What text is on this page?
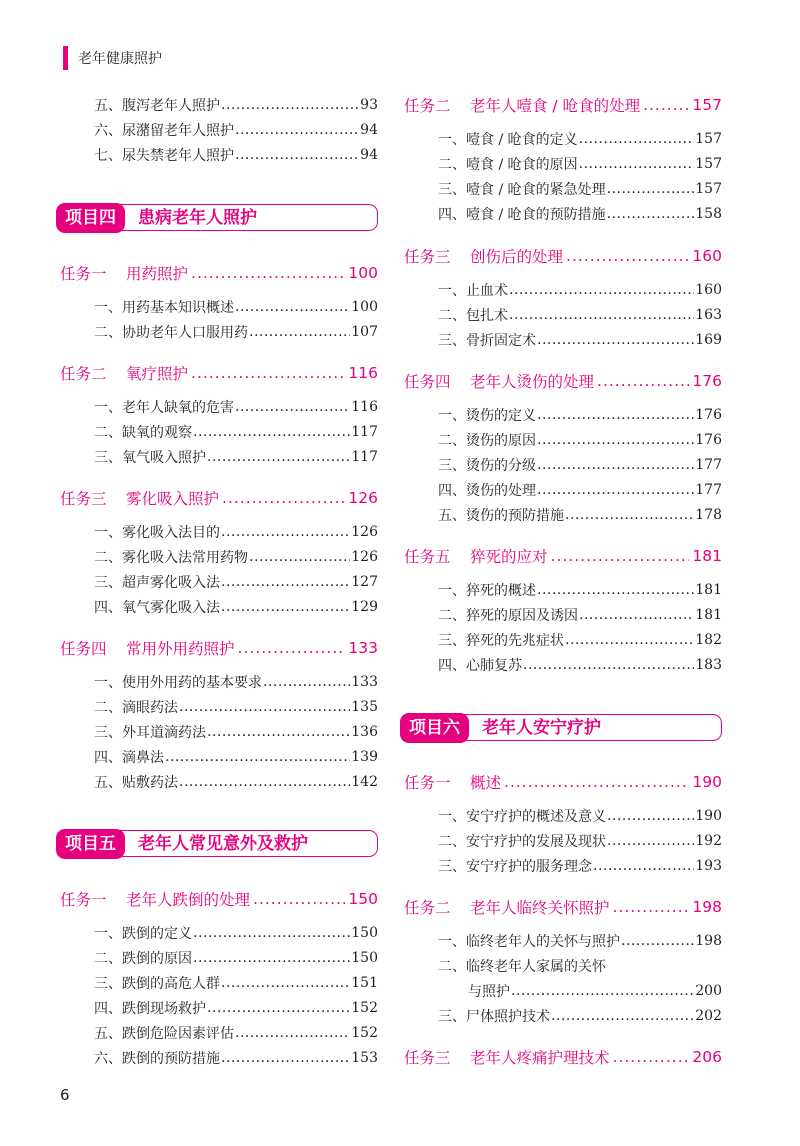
老年健康照护
五、腹泻老年人照护 .....	93
六、尿潴留老年人照护 .....	94
七、尿失禁老年人照护 .....	94
项目四	患病老年人照护
任务一	用药照护 .....	100
一、用药基本知识概述 .....	100
二、协助老年人口服用药 .....	107
任务二	氧疗照护 .....	116
一、老年人缺氧的危害 .....	116
二、缺氧的观察 .....	117
三、氧气吸入照护 .....	117
任务三	雾化吸入照护 .....	126
一、雾化吸入法目的 .....	126
二、雾化吸入法常用药物 .....	126
三、超声雾化吸入法 .....	127
四、氧气雾化吸入法 .....	129
任务四	常用外用药照护 .....	133
一、使用外用药的基本要求 .....	133
二、滴眼药法 .....	135
三、外耳道滴药法 .....	136
四、滴鼻法 .....	139
五、贴敷药法 .....	142
项目五	老年人常见意外及救护
任务一	老年人跌倒的处理 .....	150
一、跌倒的定义 .....	150
二、跌倒的原因 .....	150
三、跌倒的高危人群 .....	151
四、跌倒现场救护 .....	152
五、跌倒危险因素评估 .....	152
六、跌倒的预防措施 .....	153
任务二	老年人噎食 / 呛食的处理 .....	157
一、噎食 / 呛食的定义 .....	157
二、噎食 / 呛食的原因 .....	157
三、噎食 / 呛食的紧急处理 .....	157
四、噎食 / 呛食的预防措施 .....	158
任务三	创伤后的处理 .....	160
一、止血术 .....	160
二、包扎术 .....	163
三、骨折固定术 .....	169
任务四	老年人烫伤的处理 .....	176
一、烫伤的定义 .....	176
二、烫伤的原因 .....	176
三、烫伤的分级 .....	177
四、烫伤的处理 .....	177
五、烫伤的预防措施 .....	178
任务五	猝死的应对 .....	181
一、猝死的概述 .....	181
二、猝死的原因及诱因 .....	181
三、猝死的先兆症状 .....	182
四、心肺复苏 .....	183
项目六	老年人安宁疗护
任务一	概述 .....	190
一、安宁疗护的概述及意义 .....	190
二、安宁疗护的发展及现状 .....	192
三、安宁疗护的服务理念 .....	193
任务二	老年人临终关怀照护 .....	198
一、临终老年人的关怀与照护 .....	198
二、临终老年人家属的关怀
与照护 .....	200
三、尸体照护技术 .....	202
任务三	老年人疼痛护理技术 .....	206
6
